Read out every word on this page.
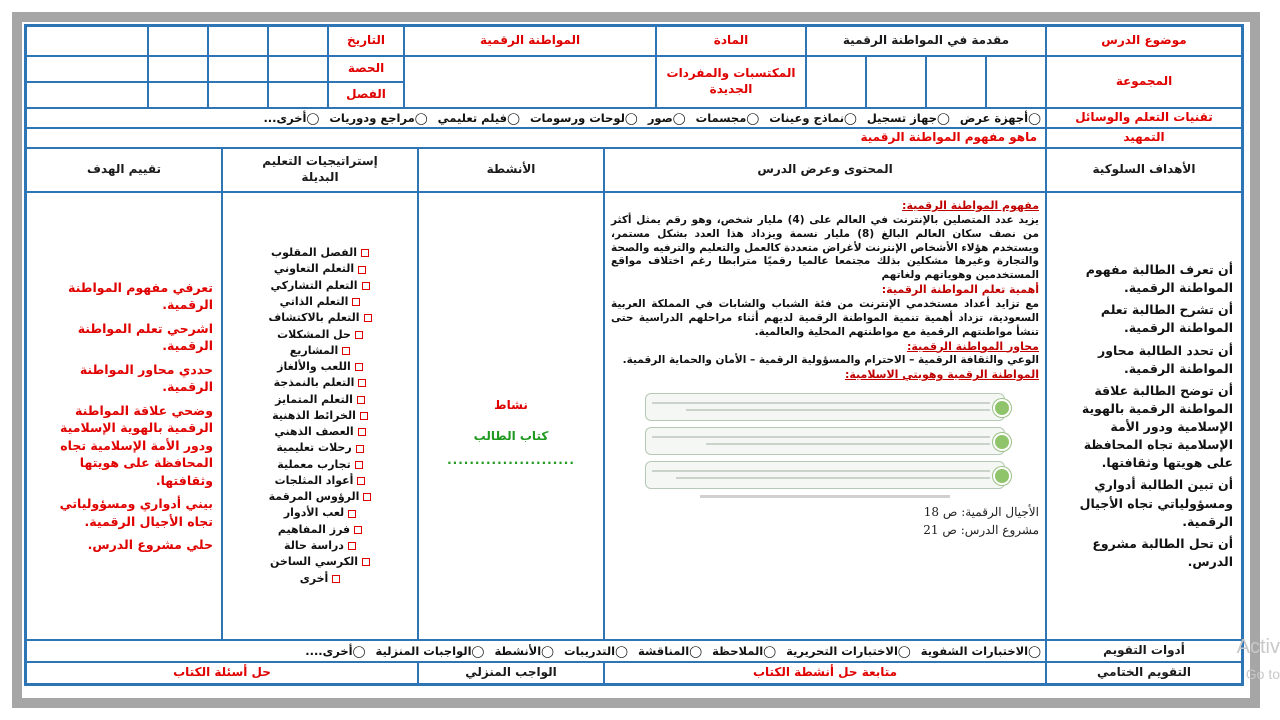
موضوع الدرس
مقدمة في المواطنة الرقمية
المادة
المواطنة الرقمية
التاريخ
المجموعة
المكتسبات والمفردات الجديدة
الحصة
الفصل
تقنيات التعلم والوسائل
◯أجهزة عرض◯جهاز تسجيل◯نماذج وعينات◯مجسمات◯صور◯لوحات ورسومات◯فيلم تعليمي◯مراجع ودوريات◯أخرى...
التمهيد
ماهو مفهوم المواطنة الرقمية
الأهداف السلوكية
المحتوى وعرض الدرس
الأنشطة
إستراتيجيات التعليم البديلة
تقييم الهدف
أن تعرف الطالبة مفهوم المواطنة الرقمية.
أن تشرح الطالبة تعلم المواطنة الرقمية.
أن تحدد الطالبة محاور المواطنة الرقمية.
أن توضح الطالبة علاقة المواطنة الرقمية بالهوية الإسلامية ودور الأمة الإسلامية تجاه المحافظة على هويتها وثقافتها.
أن تبين الطالبة أدواري ومسؤولياتي تجاه الأجيال الرقمية.
أن تحل الطالبة مشروع الدرس.

مفهوم المواطنة الرقمية:

يزيد عدد المتصلين بالإنترنت في العالم على (4) مليار شخص، وهو رقم يمثل أكثر من نصف سكان العالم البالغ (8) مليار نسمة ويزداد هذا العدد بشكل مستمر، ويستخدم هؤلاء الأشخاص الإنترنت لأغراض متعددة كالعمل والتعليم والترفيه والصحة والتجارة وغيرها مشكلين بذلك مجتمعا عالميا رقميًا مترابطا رغم اختلاف مواقع المستخدمين وهوياتهم ولغاتهم

أهمية تعلم المواطنة الرقمية:

مع تزايد أعداد مستخدمي الإنترنت من فئة الشباب والشابات في المملكة العربية السعودية، تزداد أهمية تنمية المواطنة الرقمية لديهم أثناء مراحلهم الدراسية حتى تنشأ مواطنتهم الرقمية مع مواطنتهم المحلية والعالمية.

محاور المواطنة الرقمية:

الوعي والثقافة الرقمية – الاحترام والمسؤولية الرقمية – الأمان والحماية الرقمية.

المواطنة الرقمية وهويتي الاسلامية:

الأجيال الرقمية: ص 18
مشروع الدرس: ص 21
نشاط
كتاب الطالب
.......................
الفصل المقلوب
التعلم التعاوني
التعلم التشاركي
التعلم الذاتي
التعلم بالاكتشاف
حل المشكلات
المشاريع
اللعب والألغاز
التعلم بالنمذجة
التعلم المتمايز
الخرائط الذهنية
العصف الذهني
رحلات تعليمية
تجارب معملية
أعواد المثلجات
الرؤوس المرقمة
لعب الأدوار
فرز المفاهيم
دراسة حالة
الكرسي الساخن
أخرى
تعرفي مفهوم المواطنة الرقمية.
اشرحي تعلم المواطنة الرقمية.
حددي محاور المواطنة الرقمية.
وضحي علاقة المواطنة الرقمية بالهوية الإسلامية ودور الأمة الإسلامية تجاه المحافظة على هويتها وثقافتها.
بيني أدواري ومسؤولياتي تجاه الأجيال الرقمية.
حلي مشروع الدرس.
أدوات التقويم
◯الاختبارات الشفوية◯الاختبارات التحريرية◯الملاحظة◯المناقشة◯التدريبات◯الأنشطة◯الواجبات المنزلية◯أخرى....
التقويم الختامي
متابعة حل أنشطة الكتاب
الواجب المنزلي
حل أسئلة الكتاب
Activ
Go to
